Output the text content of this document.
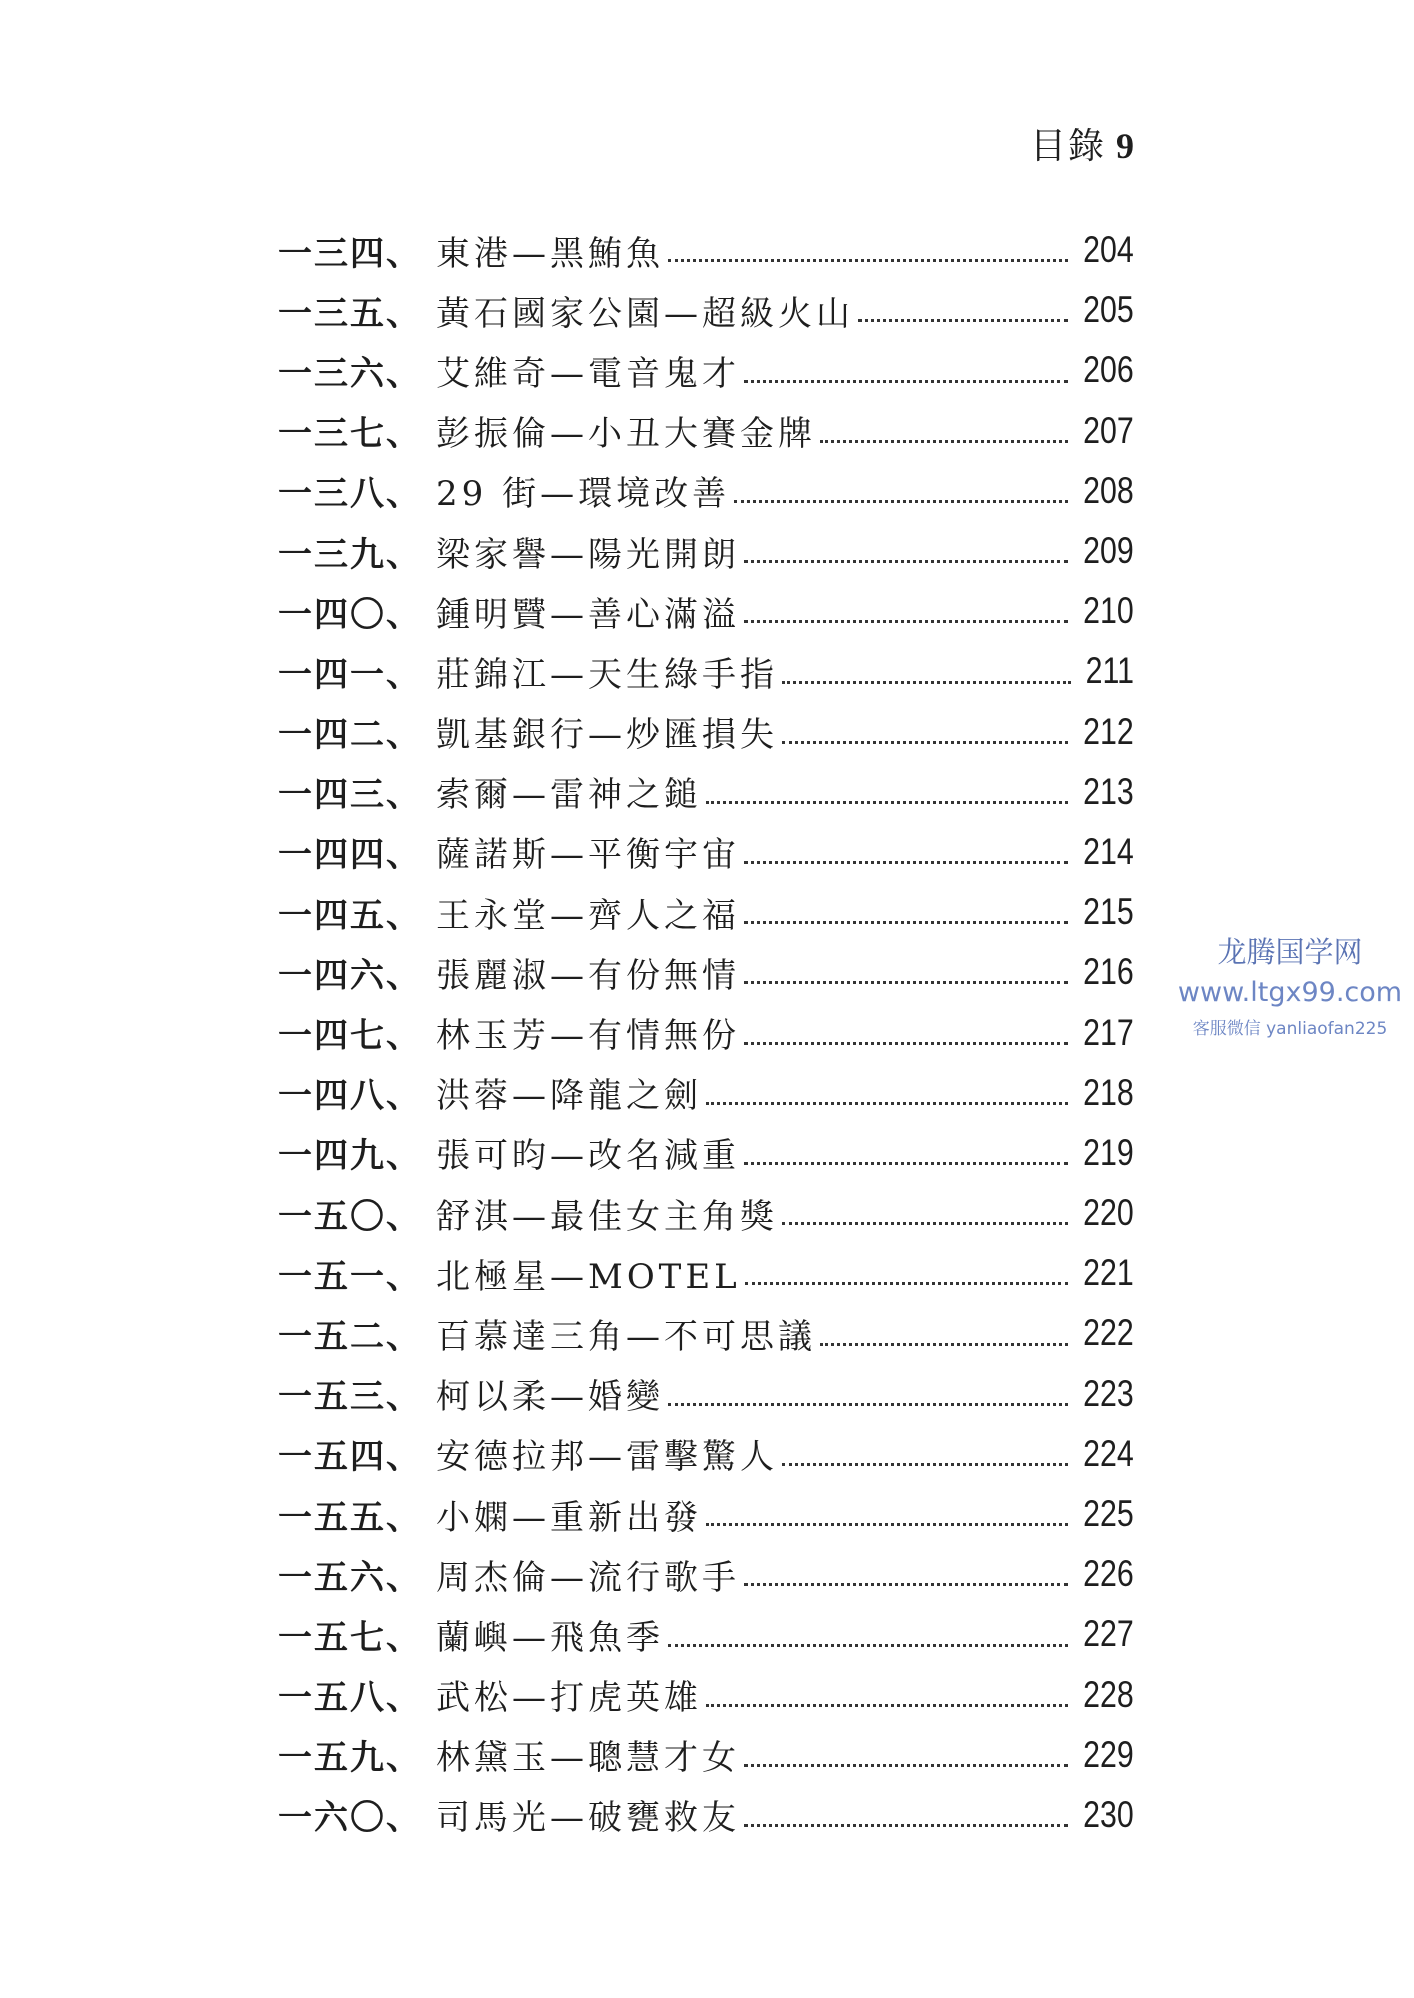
目錄 9
一三四、 東港—黑鮪魚	204
一三五、 黃石國家公園—超級火山	205
一三六、 艾維奇—電音鬼才	206
一三七、 彭振倫—小丑大賽金牌	207
一三八、 29 街—環境改善	208
一三九、 梁家譽—陽光開朗	209
一四〇、 鍾明贒—善心滿溢	210
一四一、 莊錦江—天生綠手指	211
一四二、 凱基銀行—炒匯損失	212
一四三、 索爾—雷神之鎚	213
一四四、 薩諾斯—平衡宇宙	214
一四五、 王永堂—齊人之福	215
一四六、 張麗淑—有份無情	216
一四七、 林玉芳—有情無份	217
一四八、 洪蓉—降龍之劍	218
一四九、 張可昀—改名減重	219
一五〇、 舒淇—最佳女主角獎	220
一五一、 北極星—MOTEL	221
一五二、 百慕達三角—不可思議	222
一五三、 柯以柔—婚變	223
一五四、 安德拉邦—雷擊驚人	224
一五五、 小嫻—重新出發	225
一五六、 周杰倫—流行歌手	226
一五七、 蘭嶼—飛魚季	227
一五八、 武松—打虎英雄	228
一五九、 林黛玉—聰慧才女	229
一六〇、 司馬光—破甕救友	230
龙腾国学网
www.ltgx99.com
客服微信 yanliaofan225
